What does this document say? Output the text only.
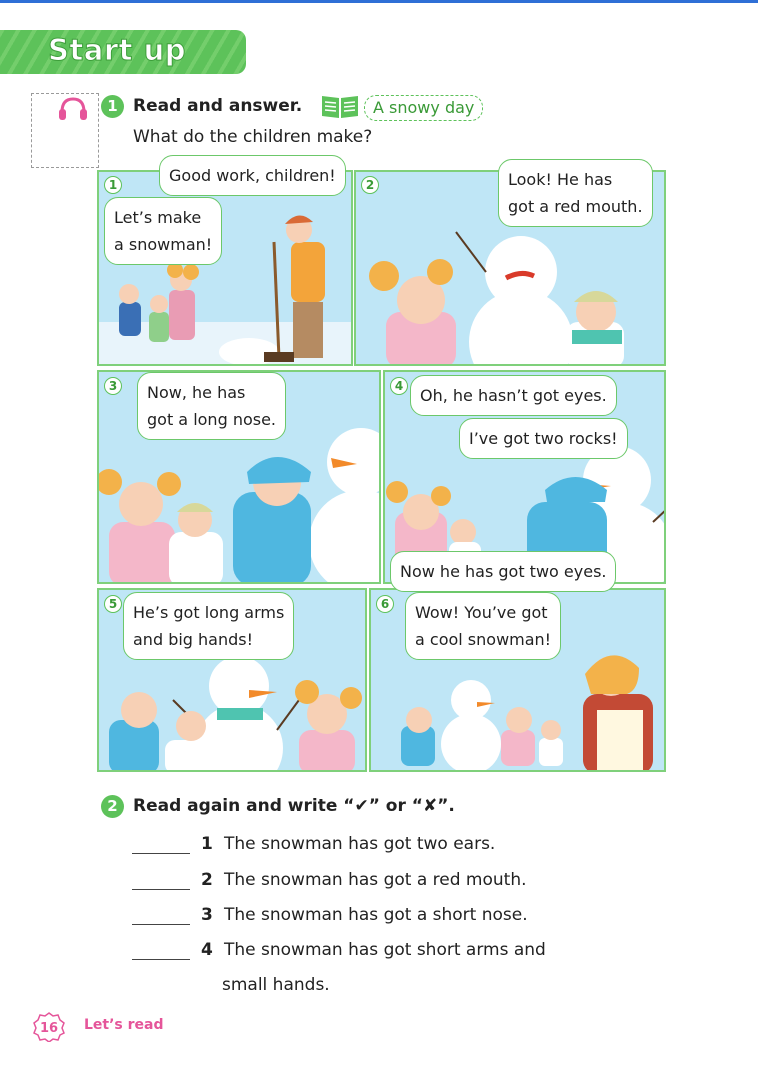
Start up
1 Read and answer.	A snowy day
What do the children make?
1	Good work, children!
Let’s make
a snowman!
2	Look! He has
got a red mouth.
3	Now, he has
got a long nose.
4	Oh, he hasn’t got eyes.
I’ve got two rocks!
Now he has got two eyes.
5 He’s got long arms
and big hands!
6	Wow! You’ve got
a cool snowman!
2 Read again and write “✔” or “✘”.
1 The snowman has got two ears.
2 The snowman has got a red mouth.
3 The snowman has got a short nose.
4 The snowman has got short arms and
small hands.
16 Let’s read
